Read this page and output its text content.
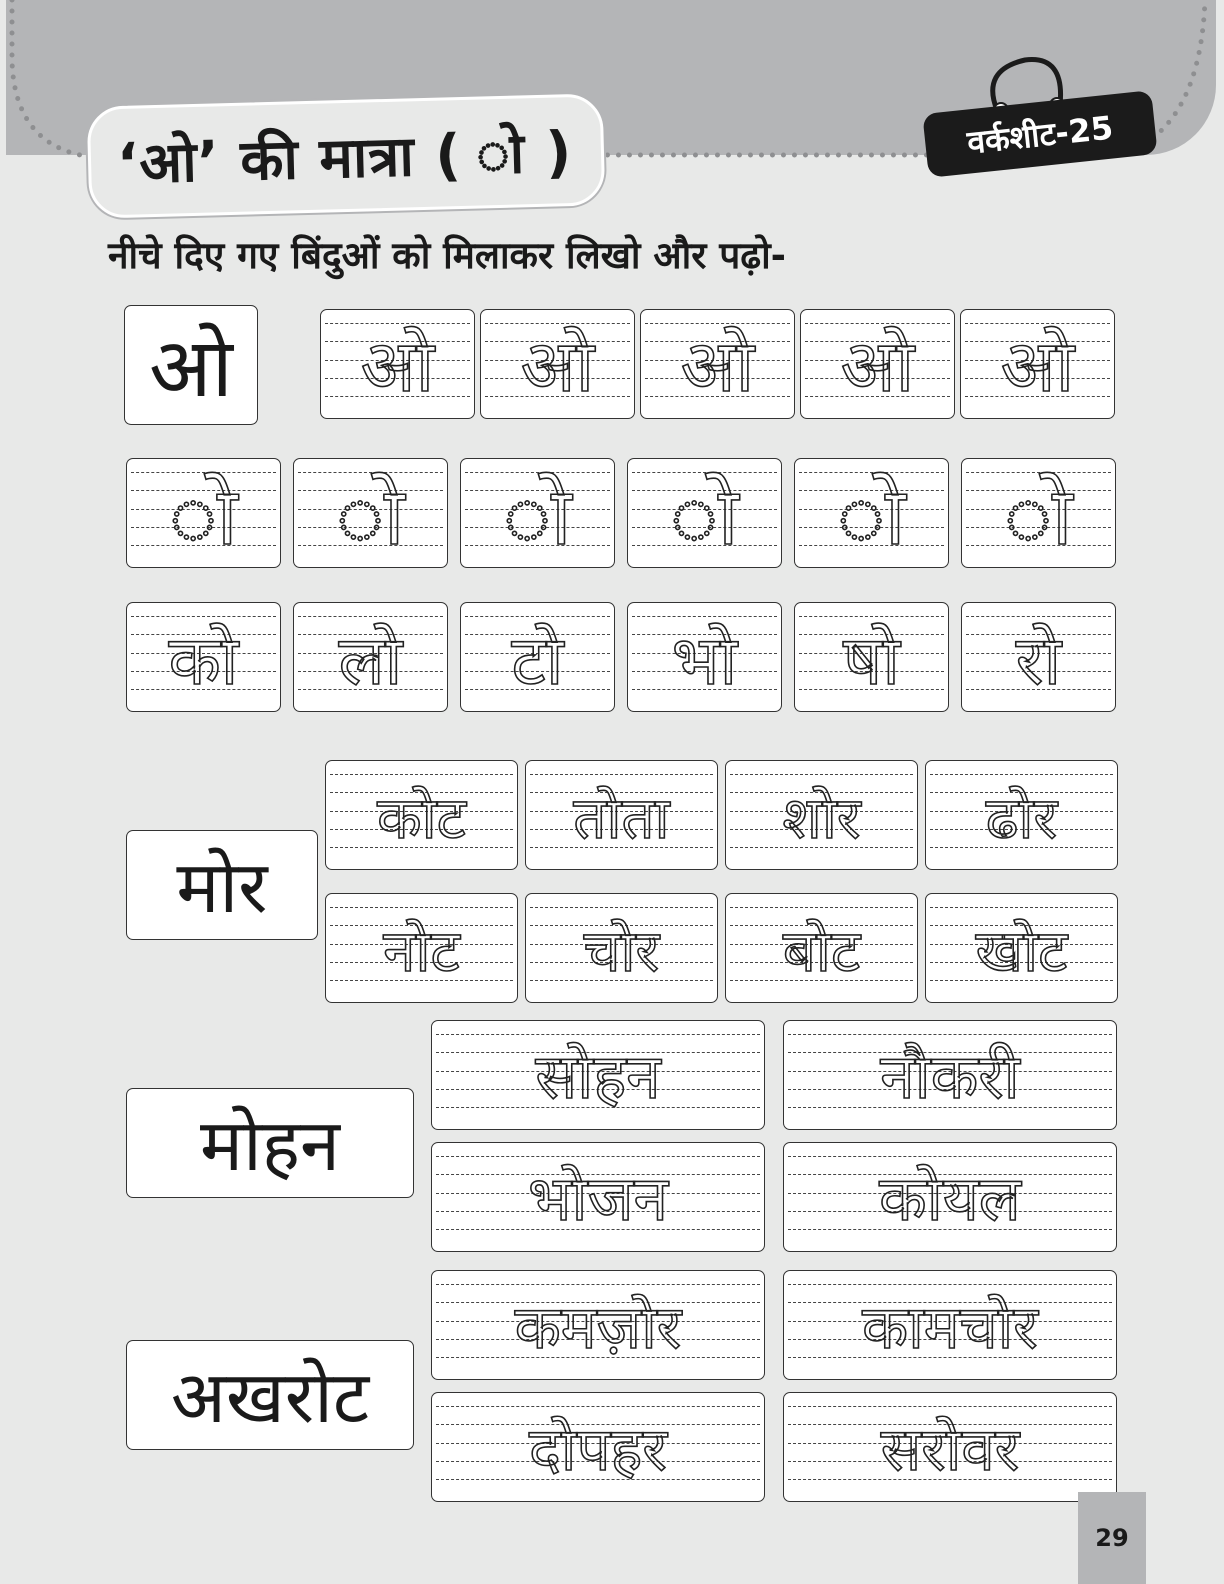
‘ओ’ की मात्रा ( ो )	वर्कशीट-25
नीचे दिए गए बिंदुओं को मिलाकर लिखो और पढ़ो-
ओ	ओ	ओ	ओ	ओ	ओ
ो	ो	ो	ो	ो	ो
को	लो	टो	भो	षो	रो
मोर
कोट	तोता	शोर	ढोर
नोट	चोर	बोट	खोट
मोहन
सोहन	नौकरी
भोजन	कोयल
अखरोट
कमज़ोर	कामचोर
दोपहर	सरोवर
29
